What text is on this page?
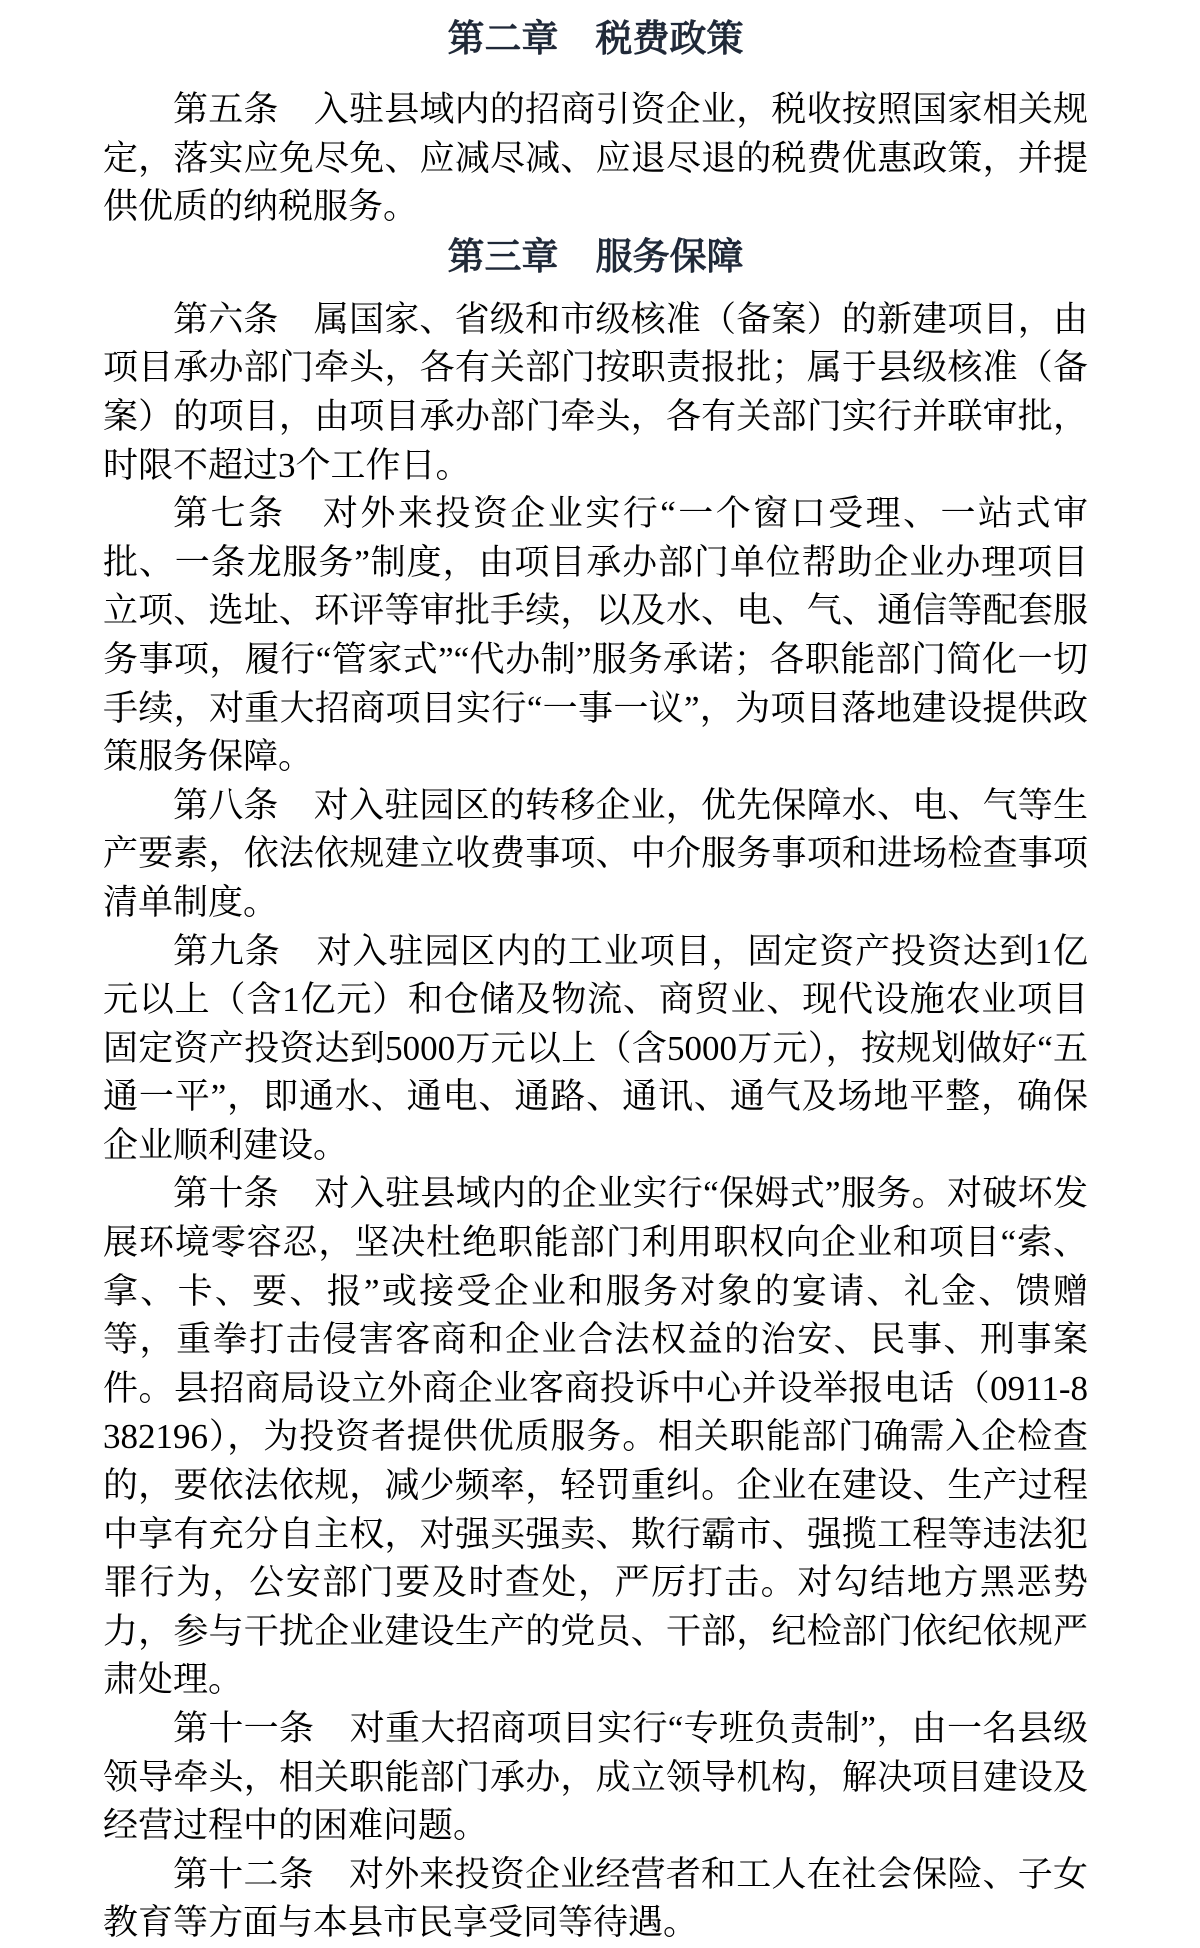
第二章　税费政策

第五条　入驻县域内的招商引资企业，税收按照国家相关规定，落实应免尽免、应减尽减、应退尽退的税费优惠政策，并提供优质的纳税服务。

第三章　服务保障

第六条　属国家、省级和市级核准（备案）的新建项目，由项目承办部门牵头，各有关部门按职责报批；属于县级核准（备案）的项目，由项目承办部门牵头，各有关部门实行并联审批，时限不超过3个工作日。

第七条　对外来投资企业实行“一个窗口受理、一站式审批、一条龙服务”制度，由项目承办部门单位帮助企业办理项目立项、选址、环评等审批手续，以及水、电、气、通信等配套服务事项，履行“管家式”“代办制”服务承诺；各职能部门简化一切手续，对重大招商项目实行“一事一议”，为项目落地建设提供政策服务保障。

第八条　对入驻园区的转移企业，优先保障水、电、气等生产要素，依法依规建立收费事项、中介服务事项和进场检查事项清单制度。

第九条　对入驻园区内的工业项目，固定资产投资达到1亿元以上（含1亿元）和仓储及物流、商贸业、现代设施农业项目固定资产投资达到5000万元以上（含5000万元），按规划做好“五通一平”，即通水、通电、通路、通讯、通气及场地平整，确保企业顺利建设。

第十条　对入驻县域内的企业实行“保姆式”服务。对破坏发展环境零容忍，坚决杜绝职能部门利用职权向企业和项目“索、拿、卡、要、报”或接受企业和服务对象的宴请、礼金、馈赠等，重拳打击侵害客商和企业合法权益的治安、民事、刑事案件。县招商局设立外商企业客商投诉中心并设举报电话（0911-8382196），为投资者提供优质服务。相关职能部门确需入企检查的，要依法依规，减少频率，轻罚重纠。企业在建设、生产过程中享有充分自主权，对强买强卖、欺行霸市、强揽工程等违法犯罪行为，公安部门要及时查处，严厉打击。对勾结地方黑恶势力，参与干扰企业建设生产的党员、干部，纪检部门依纪依规严肃处理。

第十一条　对重大招商项目实行“专班负责制”，由一名县级领导牵头，相关职能部门承办，成立领导机构，解决项目建设及经营过程中的困难问题。

第十二条　对外来投资企业经营者和工人在社会保险、子女教育等方面与本县市民享受同等待遇。
